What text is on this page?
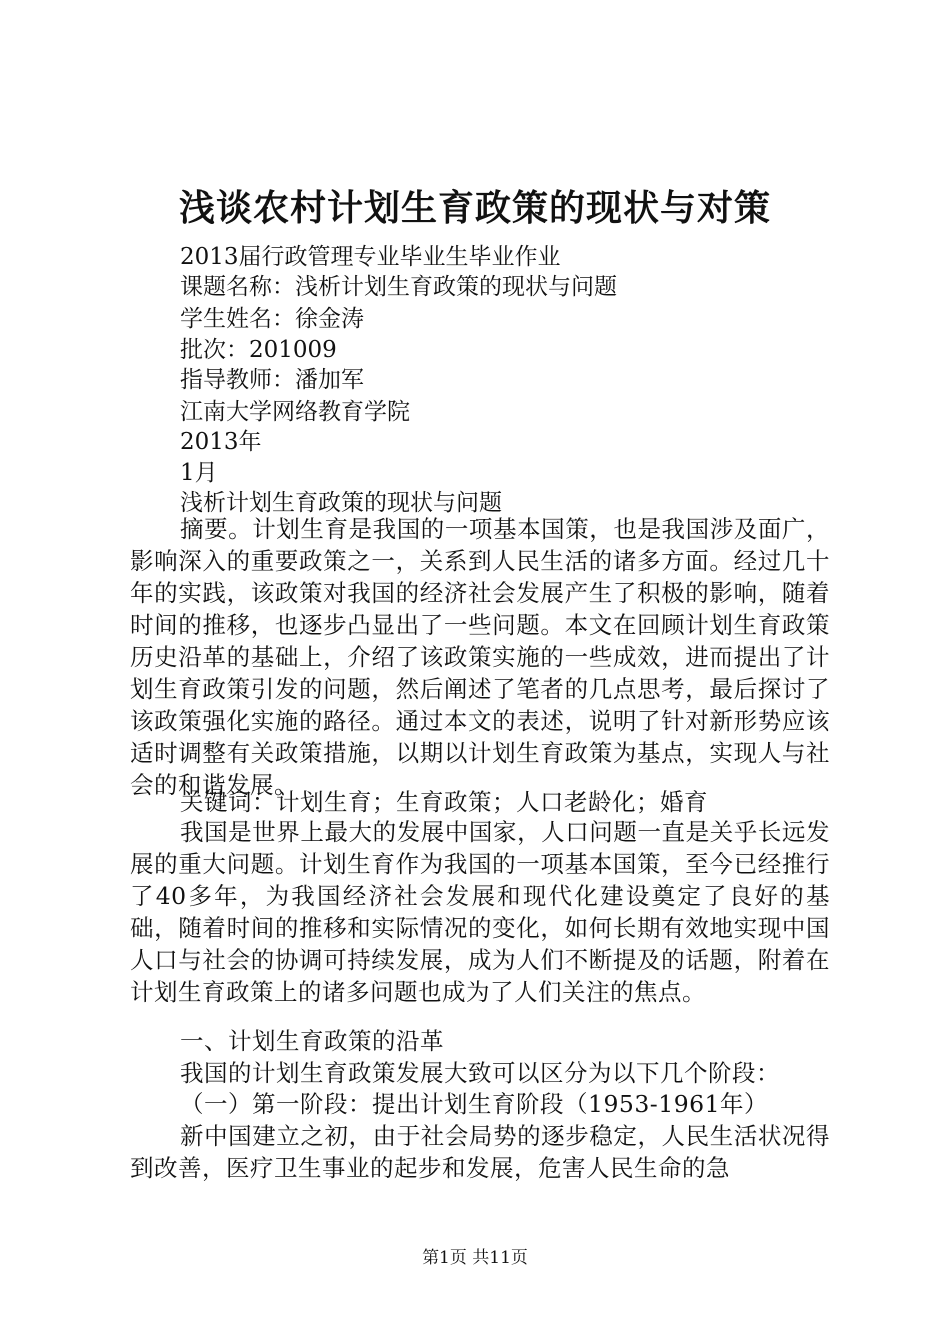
浅谈农村计划生育政策的现状与对策
2013届行政管理专业毕业生毕业作业
课题名称：浅析计划生育政策的现状与问题
学生姓名：徐金涛
批次：201009
指导教师：潘加军
江南大学网络教育学院
2013年
1月
浅析计划生育政策的现状与问题
摘要。计划生育是我国的一项基本国策，也是我国涉及面广，影响深入的重要政策之一，关系到人民生活的诸多方面。经过几十年的实践，该政策对我国的经济社会发展产生了积极的影响，随着时间的推移，也逐步凸显出了一些问题。本文在回顾计划生育政策历史沿革的基础上，介绍了该政策实施的一些成效，进而提出了计划生育政策引发的问题，然后阐述了笔者的几点思考，最后探讨了该政策强化实施的路径。通过本文的表述，说明了针对新形势应该适时调整有关政策措施，以期以计划生育政策为基点，实现人与社会的和谐发展。
关键词：计划生育；生育政策；人口老龄化；婚育
我国是世界上最大的发展中国家，人口问题一直是关乎长远发展的重大问题。计划生育作为我国的一项基本国策，至今已经推行了40多年，为我国经济社会发展和现代化建设奠定了良好的基础，随着时间的推移和实际情况的变化，如何长期有效地实现中国人口与社会的协调可持续发展，成为人们不断提及的话题，附着在计划生育政策上的诸多问题也成为了人们关注的焦点。
一、计划生育政策的沿革
我国的计划生育政策发展大致可以区分为以下几个阶段：
（一）第一阶段：提出计划生育阶段（1953-1961年）
新中国建立之初，由于社会局势的逐步稳定，人民生活状况得到改善，医疗卫生事业的起步和发展，危害人民生命的急
第1页 共11页
